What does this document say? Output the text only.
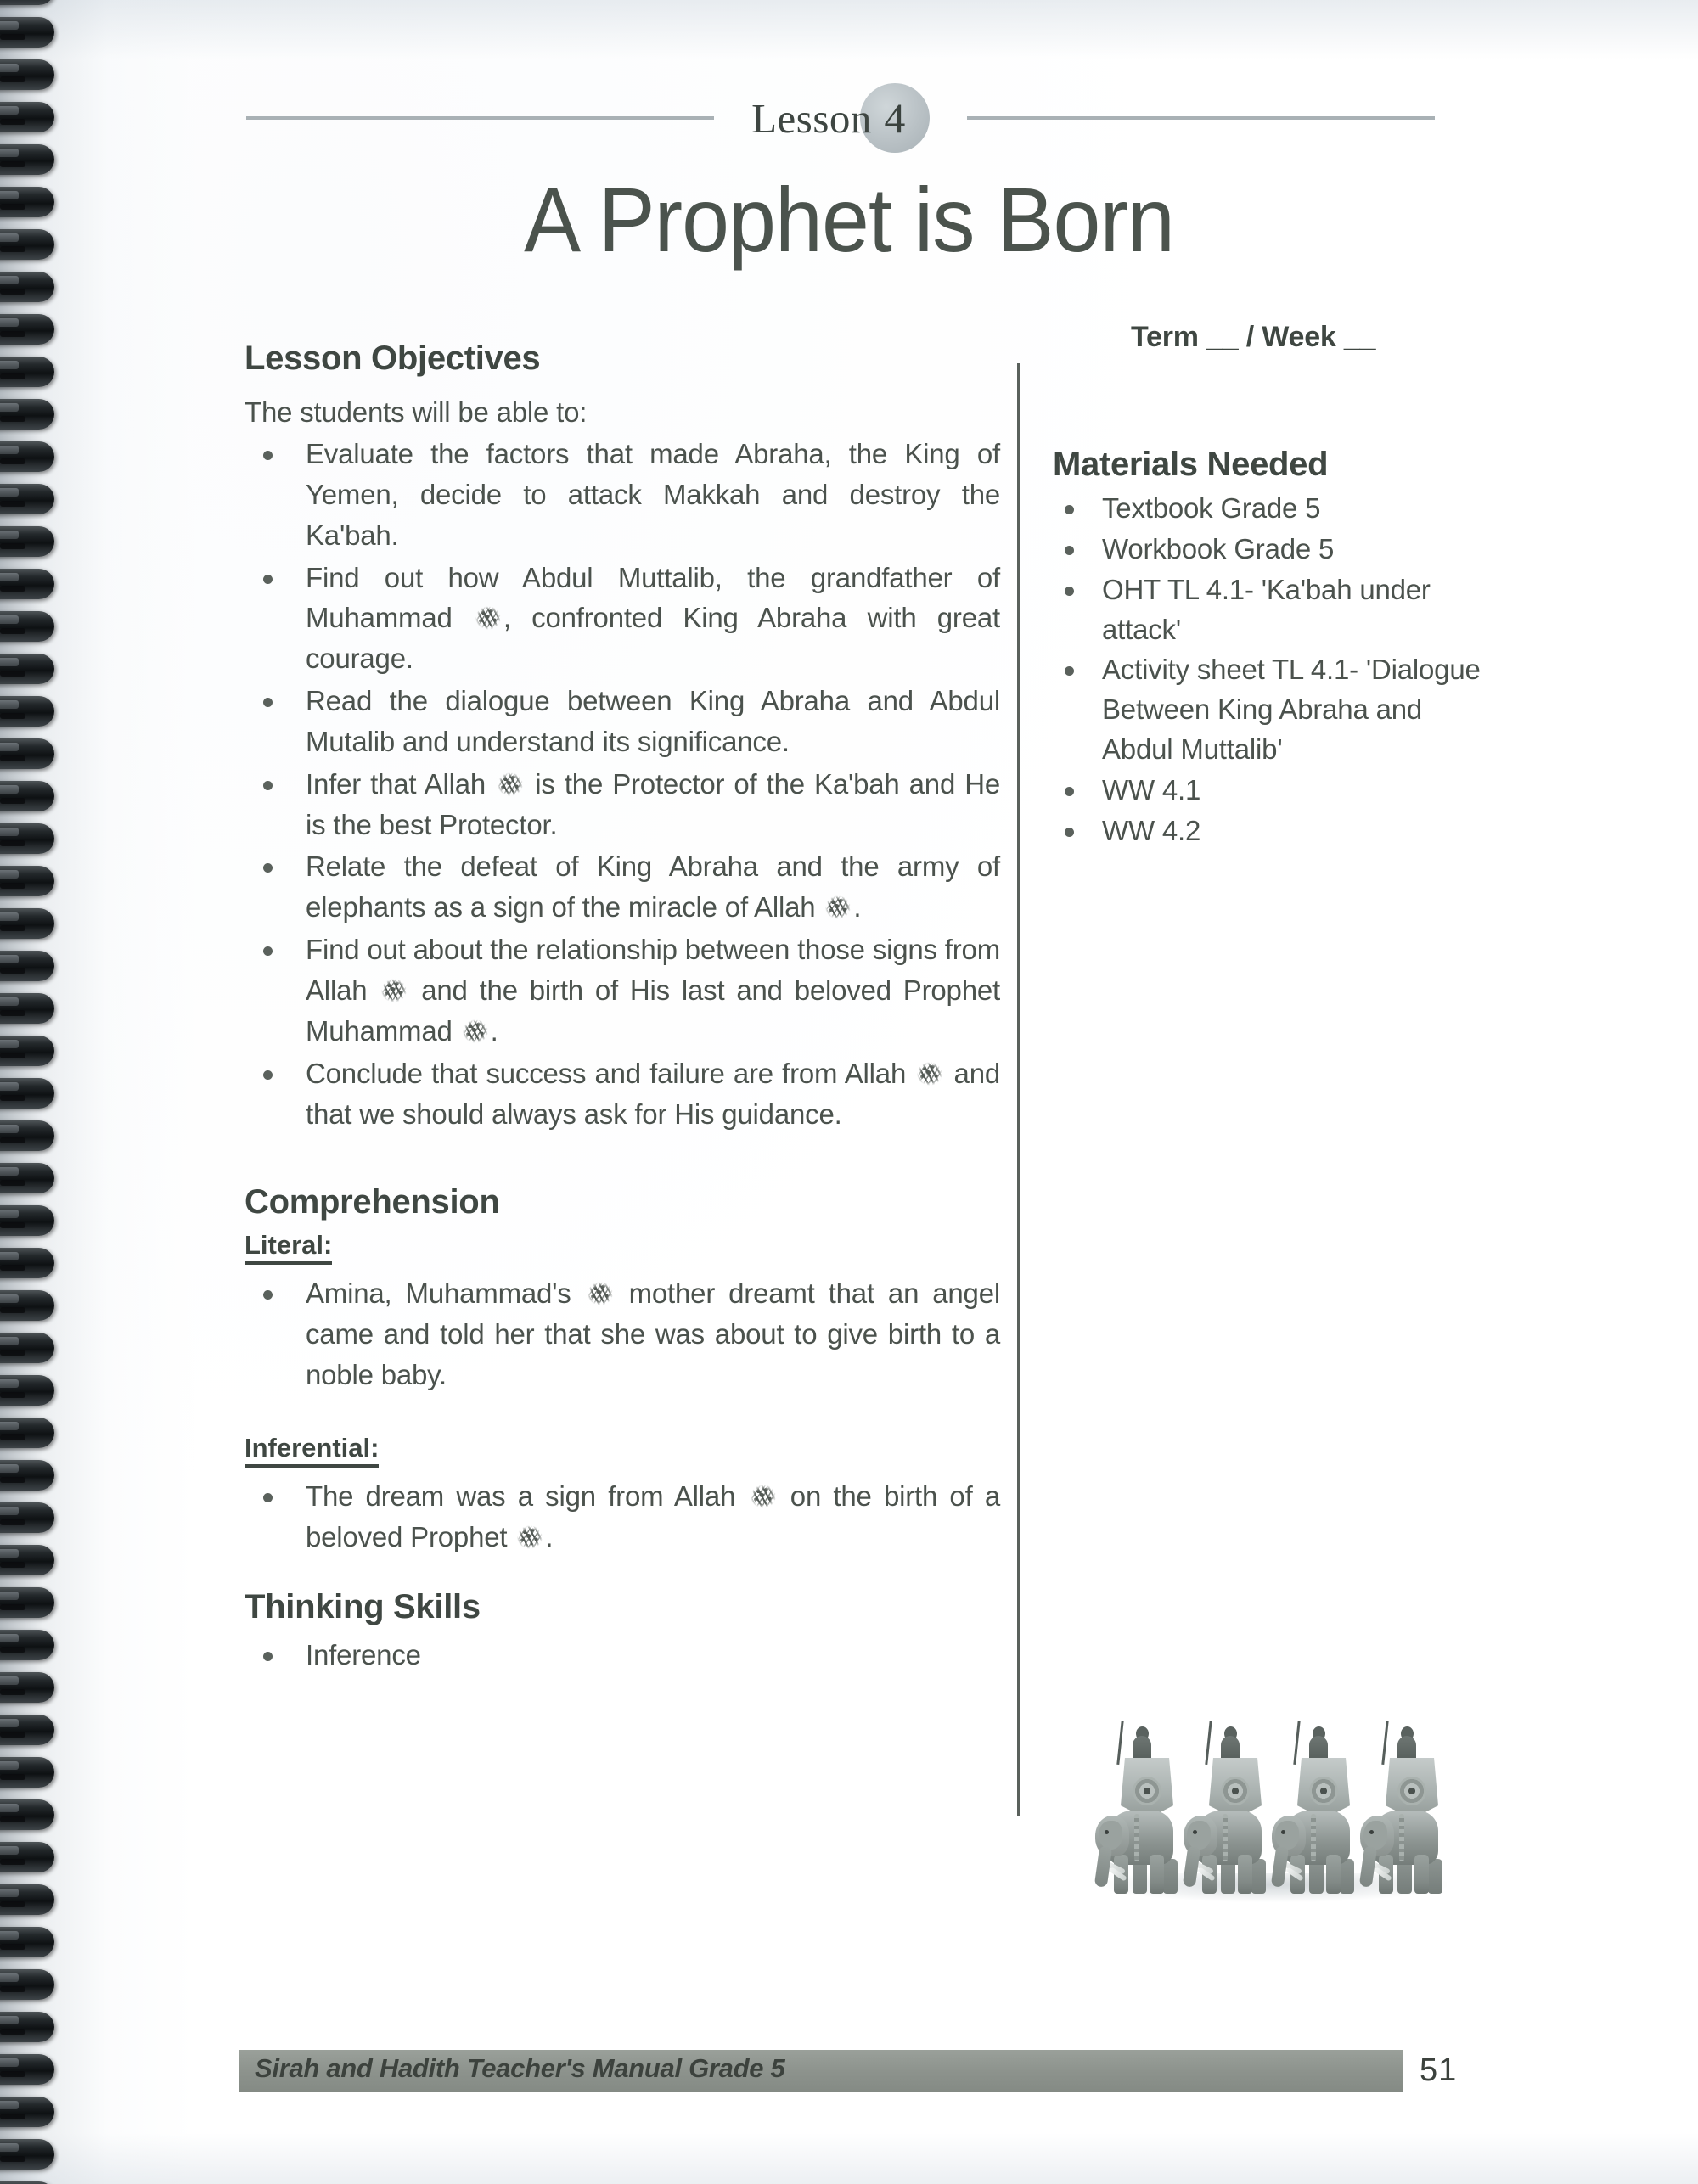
Lesson 4
A Prophet is Born
Lesson Objectives
The students will be able to:
Evaluate the factors that made Abraha, the King of Yemen, decide to attack Makkah and destroy the Ka'bah.
Find out how Abdul Muttalib, the grandfather of Muhammad , confronted King Abraha with great courage.
Read the dialogue between King Abraha and Abdul Mutalib and understand its significance.
Infer that Allah  is the Protector of the Ka'bah and He is the best Protector.
Relate the defeat of King Abraha and the army of elephants as a sign of the miracle of Allah .
Find out about the relationship between those signs from Allah  and the birth of His last and beloved Prophet Muhammad .
Conclude that success and failure are from Allah  and that we should always ask for His guidance.
Comprehension
Literal:
Amina, Muhammad's  mother dreamt that an angel came and told her that she was about to give birth to a noble baby.
Inferential:
The dream was a sign from Allah  on the birth of a beloved Prophet .
Thinking Skills
Inference
Term __ / Week __
Materials Needed
Textbook Grade 5
Workbook Grade 5
OHT TL 4.1- 'Ka'bah under attack'
Activity sheet TL 4.1- 'Dialogue Between King Abraha and Abdul Muttalib'
WW 4.1
WW 4.2
Sirah and Hadith Teacher's Manual Grade 5	51
